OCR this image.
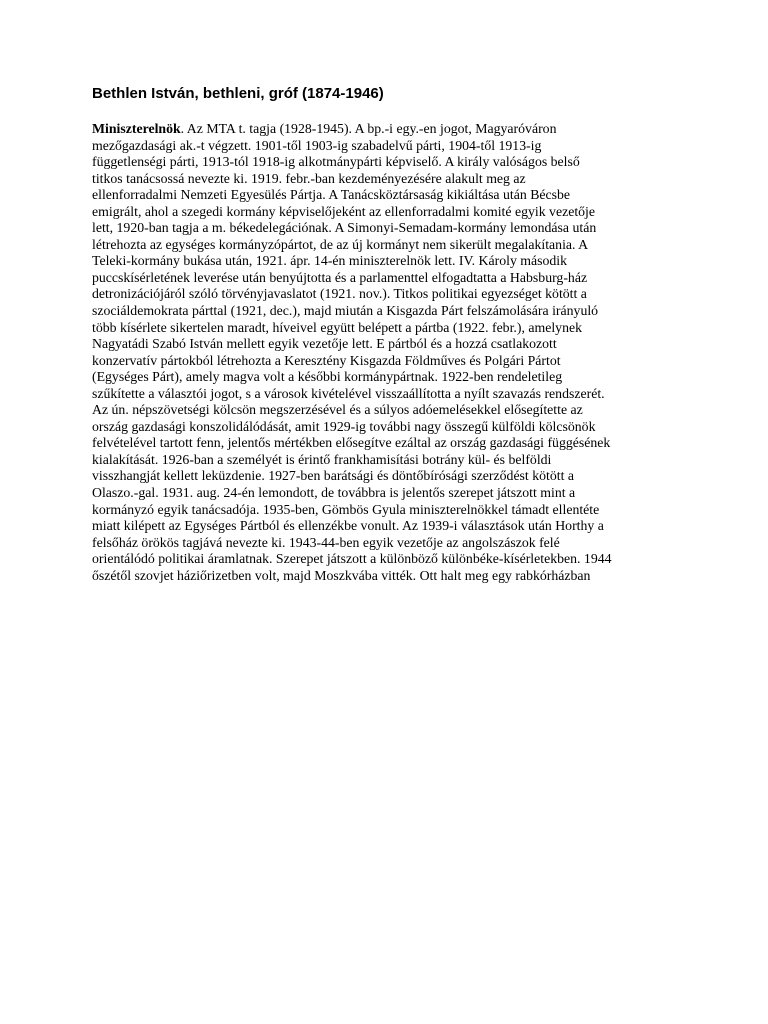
Bethlen István, bethleni, gróf (1874-1946)
Miniszterelnök. Az MTA t. tagja (1928-1945). A bp.-i egy.-en jogot, Magyaróváron
mezőgazdasági ak.-t végzett. 1901-től 1903-ig szabadelvű párti, 1904-től 1913-ig
függetlenségi párti, 1913-tól 1918-ig alkotmánypárti képviselő. A király valóságos belső
titkos tanácsossá nevezte ki. 1919. febr.-ban kezdeményezésére alakult meg az
ellenforradalmi Nemzeti Egyesülés Pártja. A Tanácsköztársaság kikiáltása után Bécsbe
emigrált, ahol a szegedi kormány képviselőjeként az ellenforradalmi komité egyik vezetője
lett, 1920-ban tagja a m. békedelegációnak. A Simonyi-Semadam-kormány lemondása után
létrehozta az egységes kormányzópártot, de az új kormányt nem sikerült megalakítania. A
Teleki-kormány bukása után, 1921. ápr. 14-én miniszterelnök lett. IV. Károly második
puccskísérletének leverése után benyújtotta és a parlamenttel elfogadtatta a Habsburg-ház
detronizációjáról szóló törvényjavaslatot (1921. nov.). Titkos politikai egyezséget kötött a
szociáldemokrata párttal (1921, dec.), majd miután a Kisgazda Párt felszámolására irányuló
több kísérlete sikertelen maradt, híveivel együtt belépett a pártba (1922. febr.), amelynek
Nagyatádi Szabó István mellett egyik vezetője lett. E pártból és a hozzá csatlakozott
konzervatív pártokból létrehozta a Keresztény Kisgazda Földműves és Polgári Pártot
(Egységes Párt), amely magva volt a későbbi kormánypártnak. 1922-ben rendeletileg
szűkítette a választói jogot, s a városok kivételével visszaállította a nyílt szavazás rendszerét.
Az ún. népszövetségi kölcsön megszerzésével és a súlyos adóemelésekkel elősegítette az
ország gazdasági konszolidálódását, amit 1929-ig további nagy összegű külföldi kölcsönök
felvételével tartott fenn, jelentős mértékben elősegítve ezáltal az ország gazdasági függésének
kialakítását. 1926-ban a személyét is érintő frankhamisítási botrány kül- és belföldi
visszhangját kellett leküzdenie. 1927-ben barátsági és döntőbírósági szerződést kötött a
Olaszo.-gal. 1931. aug. 24-én lemondott, de továbbra is jelentős szerepet játszott mint a
kormányzó egyik tanácsadója. 1935-ben, Gömbös Gyula miniszterelnökkel támadt ellentéte
miatt kilépett az Egységes Pártból és ellenzékbe vonult. Az 1939-i választások után Horthy a
felsőház örökös tagjává nevezte ki. 1943-44-ben egyik vezetője az angolszászok felé
orientálódó politikai áramlatnak. Szerepet játszott a különböző különbéke-kísérletekben. 1944
őszétől szovjet háziőrizetben volt, majd Moszkvába vitték. Ott halt meg egy rabkórházban
